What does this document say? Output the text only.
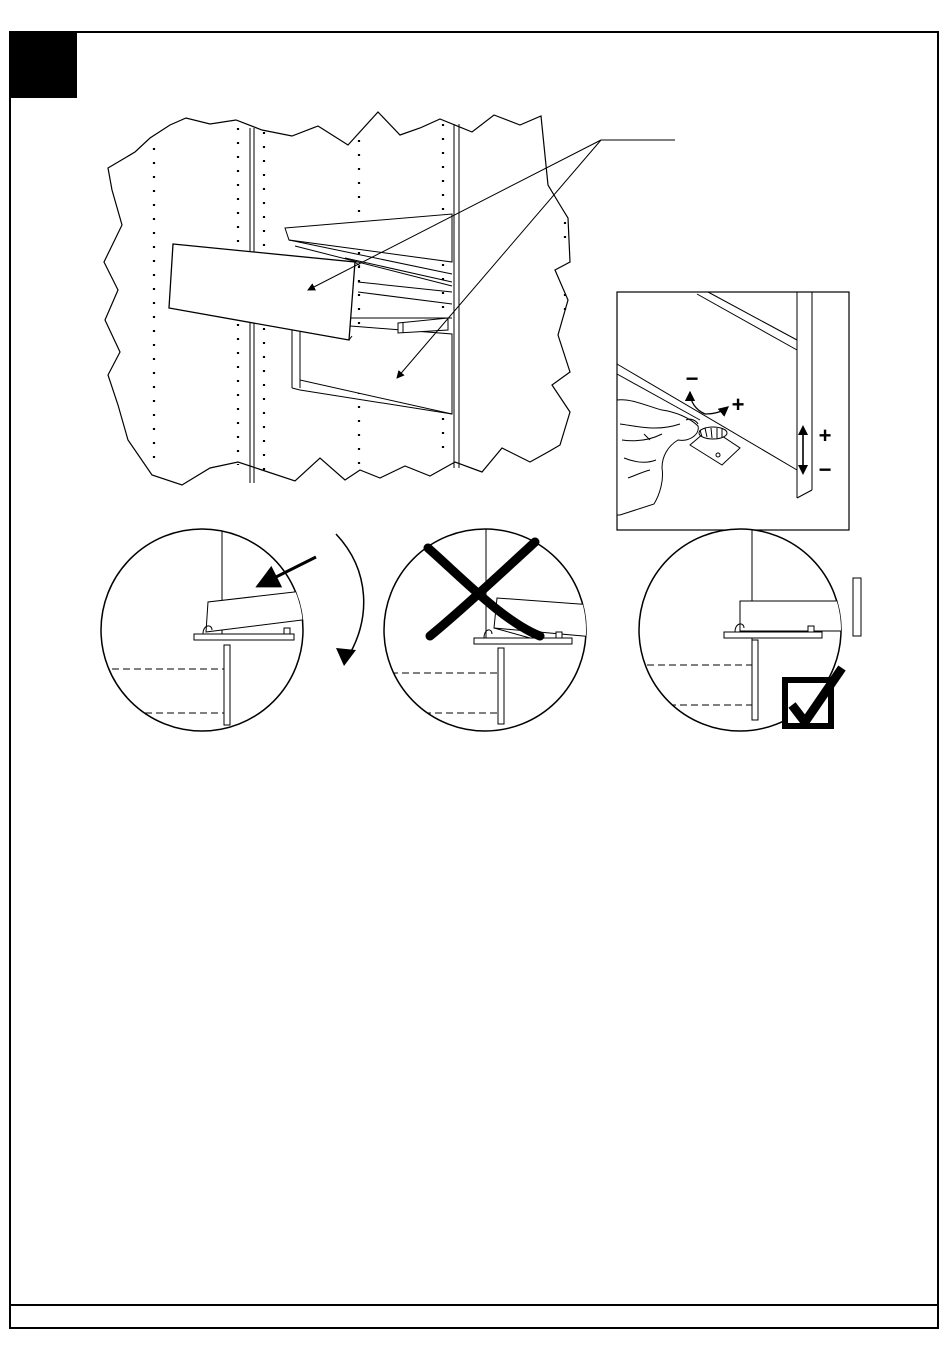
−
+
+
−
